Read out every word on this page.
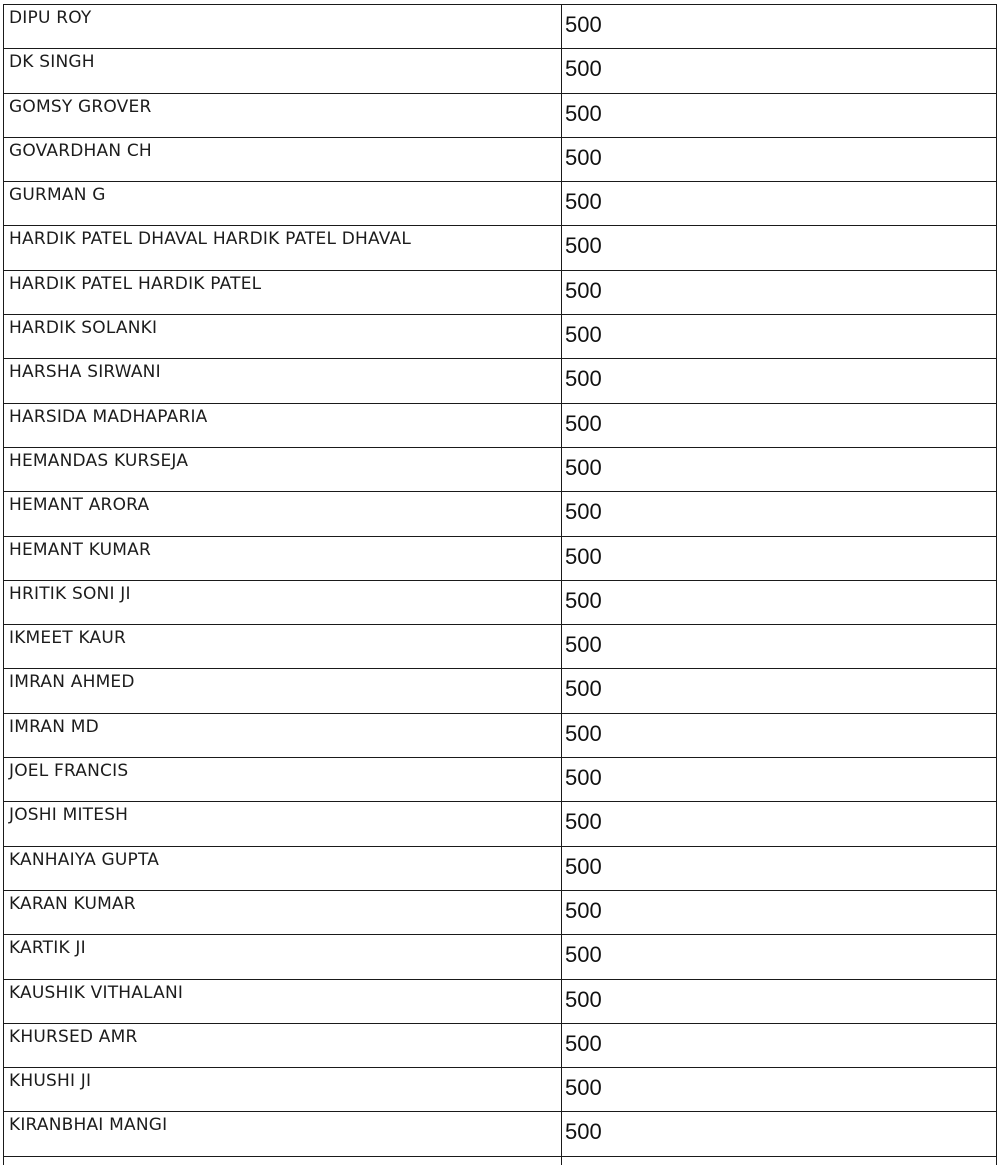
DIPU ROY	500
DK SINGH	500
GOMSY GROVER	500
GOVARDHAN CH	500
GURMAN G	500
HARDIK PATEL DHAVAL HARDIK PATEL DHAVAL	500
HARDIK PATEL HARDIK PATEL	500
HARDIK SOLANKI	500
HARSHA SIRWANI	500
HARSIDA MADHAPARIA	500
HEMANDAS KURSEJA	500
HEMANT ARORA	500
HEMANT KUMAR	500
HRITIK SONI JI	500
IKMEET KAUR	500
IMRAN AHMED	500
IMRAN MD	500
JOEL FRANCIS	500
JOSHI MITESH	500
KANHAIYA GUPTA	500
KARAN KUMAR	500
KARTIK JI	500
KAUSHIK VITHALANI	500
KHURSED AMR	500
KHUSHI JI	500
KIRANBHAI MANGI	500
